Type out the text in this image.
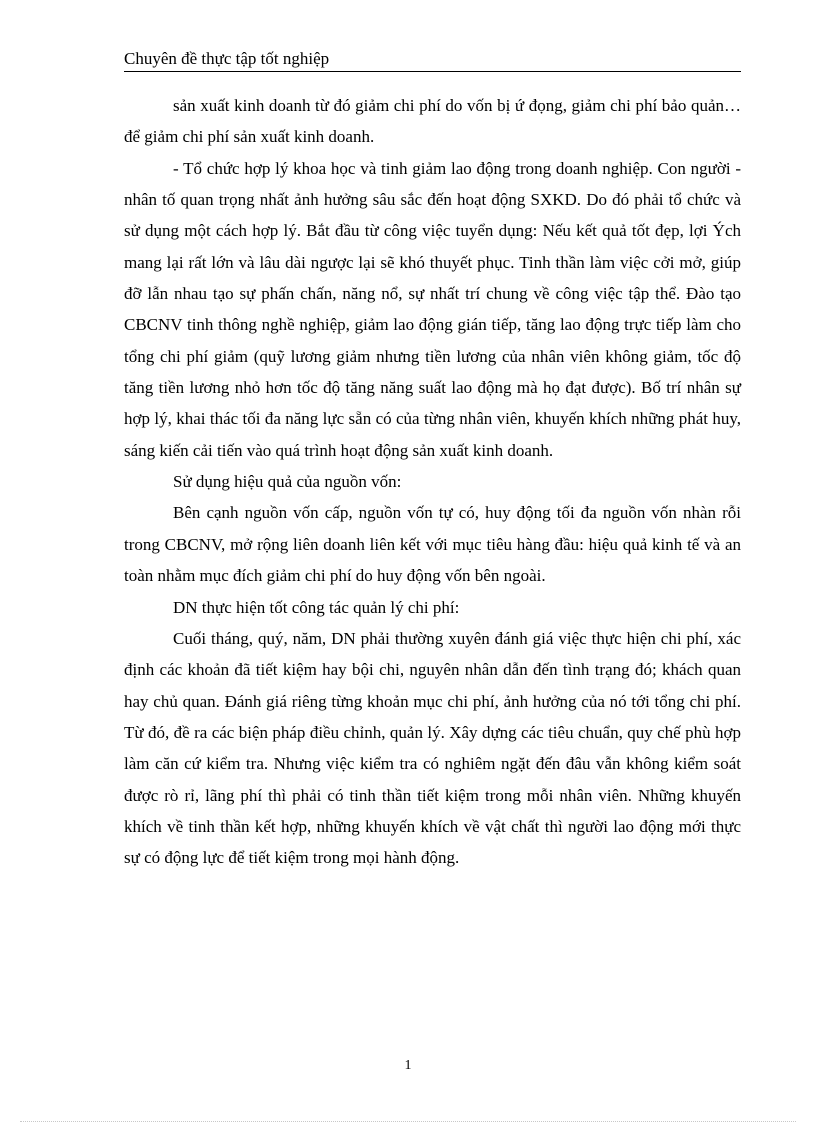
Chuyên đề thực tập tốt nghiệp

sản xuất kinh doanh từ đó giảm chi phí do vốn bị ứ đọng, giảm chi phí bảo quản… để giảm chi phí sản xuất kinh doanh.

- Tổ chức hợp lý khoa học và tinh giảm lao động trong doanh nghiệp. Con người - nhân tố quan trọng nhất ảnh hưởng sâu sắc đến hoạt động SXKD. Do đó phải tổ chức và sử dụng một cách hợp lý. Bắt đầu từ công việc tuyển dụng: Nếu kết quả tốt đẹp, lợi Ých mang lại rất lớn và lâu dài ngược lại sẽ khó thuyết phục. Tinh thần làm việc cởi mở, giúp đỡ lẫn nhau tạo sự phấn chấn, năng nổ, sự nhất trí chung về công việc tập thể. Đào tạo CBCNV tinh thông nghề nghiệp, giảm lao động gián tiếp, tăng lao động trực tiếp làm cho tổng chi phí giảm (quỹ lương giảm nhưng tiền lương của nhân viên không giảm, tốc độ tăng tiền lương nhỏ hơn tốc độ tăng năng suất lao động mà họ đạt được). Bố trí nhân sự hợp lý, khai thác tối đa năng lực sẵn có của từng nhân viên, khuyến khích những phát huy, sáng kiến cải tiến vào quá trình hoạt động sản xuất kinh doanh.

Sử dụng hiệu quả của nguồn vốn:

Bên cạnh nguồn vốn cấp, nguồn vốn tự có, huy động tối đa nguồn vốn nhàn rỗi trong CBCNV, mở rộng liên doanh liên kết với mục tiêu hàng đầu: hiệu quả kinh tế và an toàn nhằm mục đích giảm chi phí do huy động vốn bên ngoài.

DN thực hiện tốt công tác quản lý chi phí:

Cuối tháng, quý, năm, DN phải thường xuyên đánh giá việc thực hiện chi phí, xác định các khoản đã tiết kiệm hay bội chi, nguyên nhân dẫn đến tình trạng đó; khách quan hay chủ quan. Đánh giá riêng từng khoản mục chi phí, ảnh hưởng của nó tới tổng chi phí. Từ đó, đề ra các biện pháp điều chỉnh, quản lý. Xây dựng các tiêu chuẩn, quy chế phù hợp làm căn cứ kiểm tra. Nhưng việc kiểm tra có nghiêm ngặt đến đâu vẫn không kiểm soát được rò rỉ, lãng phí thì phải có tinh thần tiết kiệm trong mỗi nhân viên. Những khuyến khích về tinh thần kết hợp, những khuyến khích về vật chất thì người lao động mới thực sự có động lực để tiết kiệm trong mọi hành động.

1
